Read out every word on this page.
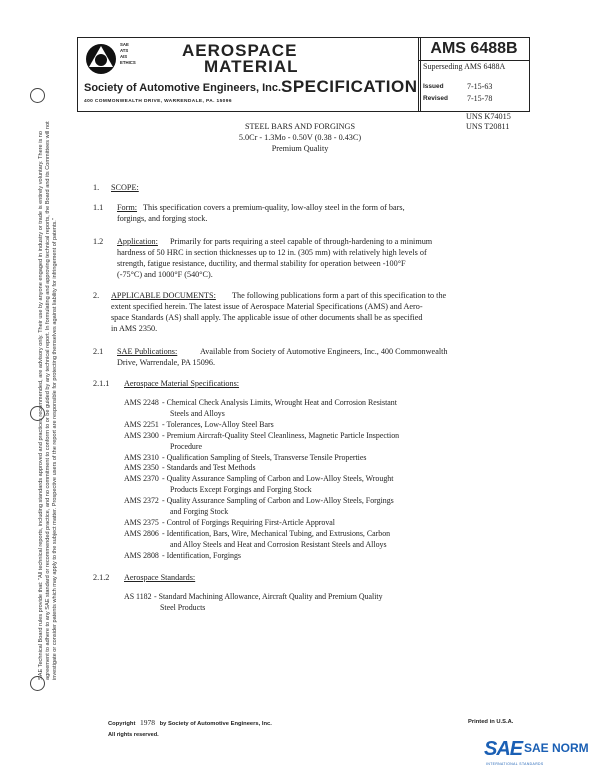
SAE Technical Board rules provide that: "All technical reports, including standards approved and practices recommended, are advisory only. Their use by anyone engaged in industry or trade is entirely voluntary. There is no agreement to adhere to any SAE standard or recommended practice, and no commitment to conform to or be guided by any technical report. In formulating and approving technical reports, the Board and its Committees will not investigate or consider patents which may apply to the subject matter. Prospective users of the report are responsible for protecting themselves against liability for infringement of patents."
SAE
ATS
AIS
ETHICS
AEROSPACE
MATERIAL
Society of Automotive Engineers, Inc. SPECIFICATION
400 COMMONWEALTH DRIVE, WARRENDALE, PA. 15096
AMS 6488B
Superseding AMS 6488A
Issued	7-15-63
Revised 7-15-78
UNS K74015
UNS T20811
STEEL BARS AND FORGINGS
5.0Cr - 1.3Mo - 0.50V (0.38 - 0.43C)
Premium Quality
1. SCOPE:
1.1 Form: This specification covers a premium-quality, low-alloy steel in the form of bars,
forgings, and forging stock.
1.2 Application: Primarily for parts requiring a steel capable of through-hardening to a minimum
hardness of 50 HRC in section thicknesses up to 12 in. (305 mm) with relatively high levels of
strength, fatigue resistance, ductility, and thermal stability for operation between -100°F
(-75°C) and 1000°F (540°C).
2. APPLICABLE DOCUMENTS: The following publications form a part of this specification to the
extent specified herein. The latest issue of Aerospace Material Specifications (AMS) and Aero-
space Standards (AS) shall apply. The applicable issue of other documents shall be as specified
in AMS 2350.
2.1 SAE Publications:	Available from Society of Automotive Engineers, Inc., 400 Commonwealth
Drive, Warrendale, PA 15096.
2.1.1 Aerospace Material Specifications:
AMS 2248 - Chemical Check Analysis Limits, Wrought Heat and Corrosion Resistant
Steels and Alloys
AMS 2251 - Tolerances, Low-Alloy Steel Bars
AMS 2300 - Premium Aircraft-Quality Steel Cleanliness, Magnetic Particle Inspection
Procedure
AMS 2310 - Qualification Sampling of Steels, Transverse Tensile Properties
AMS 2350 - Standards and Test Methods
AMS 2370 - Quality Assurance Sampling of Carbon and Low-Alloy Steels, Wrought
Products Except Forgings and Forging Stock
AMS 2372 - Quality Assurance Sampling of Carbon and Low-Alloy Steels, Forgings
and Forging Stock
AMS 2375 - Control of Forgings Requiring First-Article Approval
AMS 2806 - Identification, Bars, Wire, Mechanical Tubing, and Extrusions, Carbon
and Alloy Steels and Heat and Corrosion Resistant Steels and Alloys
AMS 2808 - Identification, Forgings
2.1.2 Aerospace Standards:
AS 1182 - Standard Machining Allowance, Aircraft Quality and Premium Quality
Steel Products
Copyright 1978 by Society of Automotive Engineers, Inc.	Printed in U.S.A.
All rights reserved.
SAE SAE NORM
INTERNATIONAL STANDARDS
